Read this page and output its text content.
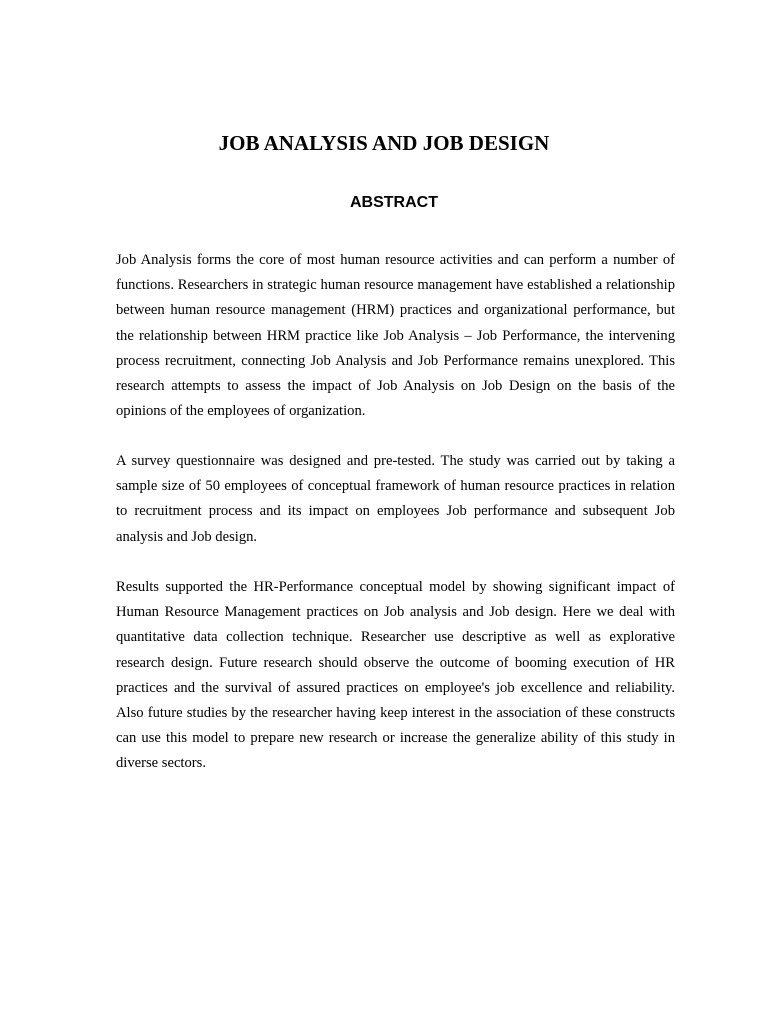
JOB ANALYSIS AND JOB DESIGN
ABSTRACT

Job Analysis forms the core of most human resource activities and can perform a number of functions. Researchers in strategic human resource management have established a relationship between human resource management (HRM) practices and organizational performance, but the relationship between HRM practice like Job Analysis – Job Performance, the intervening process recruitment, connecting Job Analysis and Job Performance remains unexplored. This research attempts to assess the impact of Job Analysis on Job Design on the basis of the opinions of the employees of organization.

A survey questionnaire was designed and pre-tested. The study was carried out by taking a sample size of 50 employees of conceptual framework of human resource practices in relation to recruitment process and its impact on employees Job performance and subsequent Job analysis and Job design.

Results supported the HR-Performance conceptual model by showing significant impact of Human Resource Management practices on Job analysis and Job design. Here we deal with quantitative data collection technique. Researcher use descriptive as well as explorative research design. Future research should observe the outcome of booming execution of HR practices and the survival of assured practices on employee's job excellence and reliability. Also future studies by the researcher having keep interest in the association of these constructs can use this model to prepare new research or increase the generalize ability of this study in diverse sectors.
